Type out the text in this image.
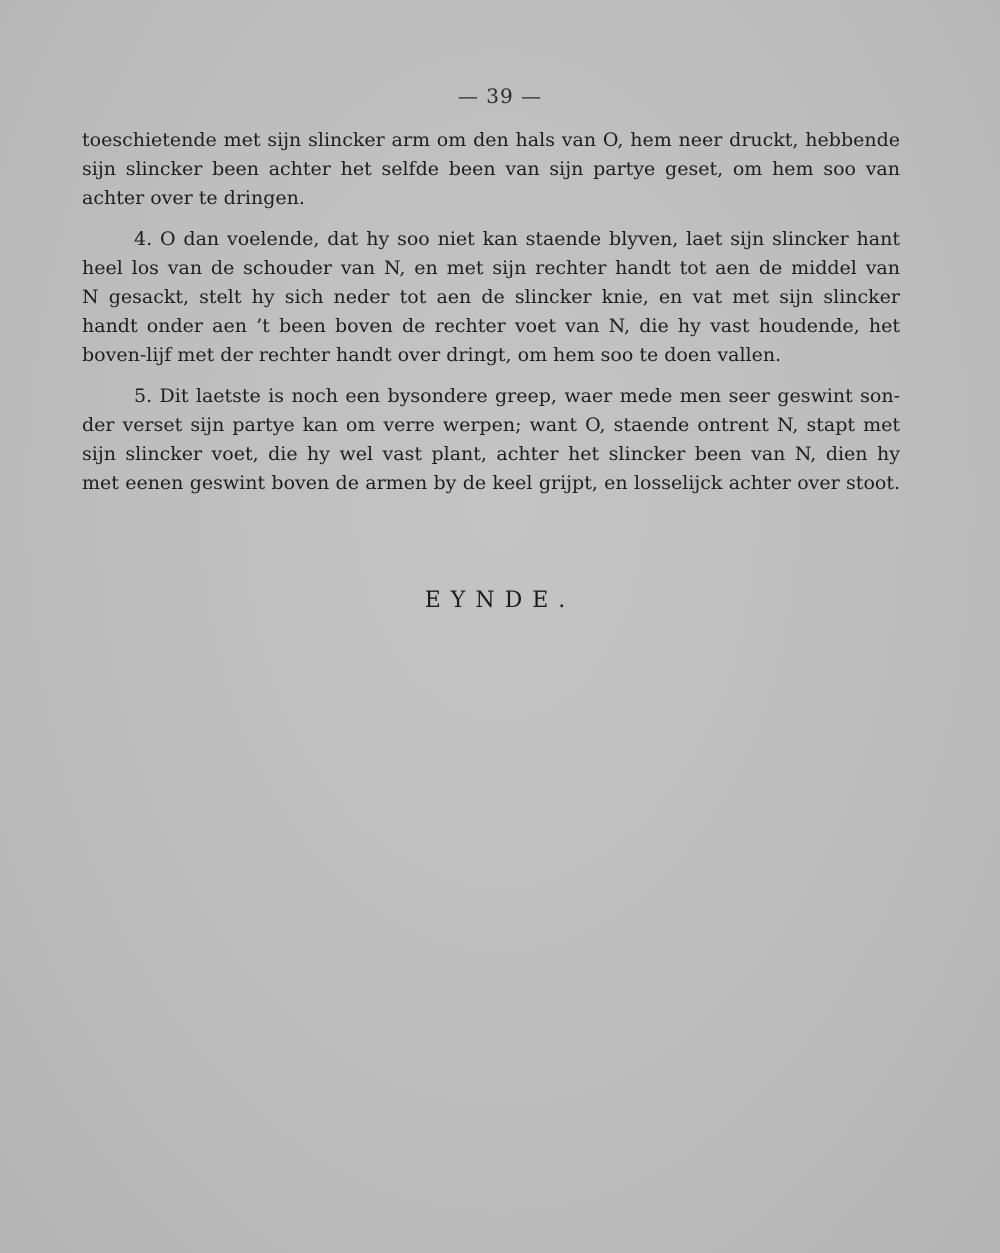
— 39 —

toeschietende met sijn slincker arm om den hals van O, hem neer druckt, hebbende
sijn slincker been achter het selfde been van sijn partye geset, om hem soo van
achter over te dringen.

4. O dan voelende, dat hy soo niet kan staende blyven, laet sijn slincker hant
heel los van de schouder van N, en met sijn rechter handt tot aen de middel van
N gesackt, stelt hy sich neder tot aen de slincker knie, en vat met sijn slincker
handt onder aen ’t been boven de rechter voet van N, die hy vast houdende, het
boven-lijf met der rechter handt over dringt, om hem soo te doen vallen.

5. Dit laetste is noch een bysondere greep, waer mede men seer geswint son-
der verset sijn partye kan om verre werpen; want O, staende ontrent N, stapt met
sijn slincker voet, die hy wel vast plant, achter het slincker been van N, dien hy
met eenen geswint boven de armen by de keel grijpt, en losselijck achter over stoot.

EYNDE.
